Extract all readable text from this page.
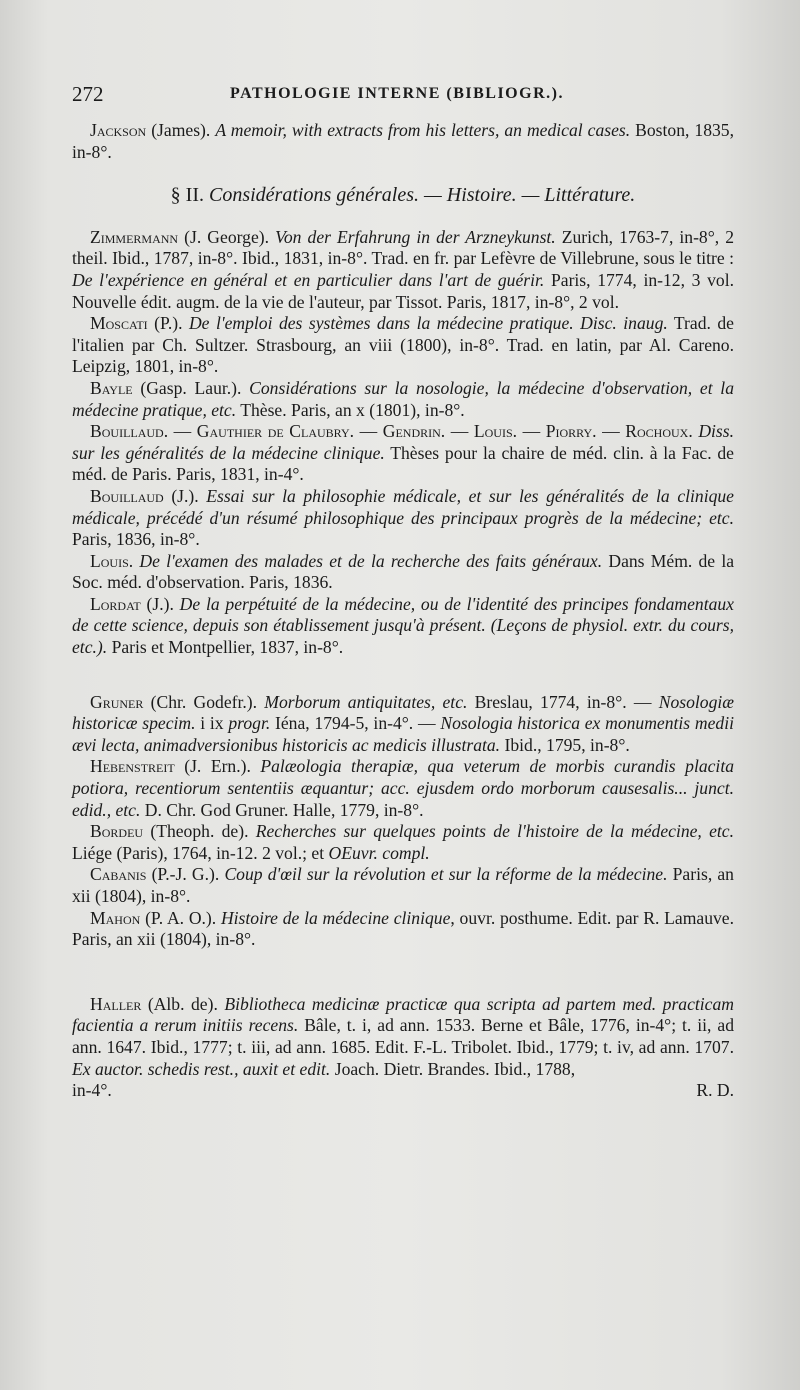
272	PATHOLOGIE INTERNE (BIBLIOGR.).

Jackson (James). A memoir, with extracts from his letters, an medical cases. Boston, 1835, in-8°.

§ II. Considérations générales. — Histoire. — Littérature.

Zimmermann (J. George). Von der Erfahrung in der Arzneykunst. Zurich, 1763-7, in-8°, 2 theil. Ibid., 1787, in-8°. Ibid., 1831, in-8°. Trad. en fr. par Lefèvre de Villebrune, sous le titre : De l'expérience en général et en particulier dans l'art de guérir. Paris, 1774, in-12, 3 vol. Nouvelle édit. augm. de la vie de l'auteur, par Tissot. Paris, 1817, in-8°, 2 vol.

Moscati (P.). De l'emploi des systèmes dans la médecine pratique. Disc. inaug. Trad. de l'italien par Ch. Sultzer. Strasbourg, an viii (1800), in-8°. Trad. en latin, par Al. Careno. Leipzig, 1801, in-8°.

Bayle (Gasp. Laur.). Considérations sur la nosologie, la médecine d'observation, et la médecine pratique, etc. Thèse. Paris, an x (1801), in-8°.

Bouillaud. — Gauthier de Claubry. — Gendrin. — Louis. — Piorry. — Rochoux. Diss. sur les généralités de la médecine clinique. Thèses pour la chaire de méd. clin. à la Fac. de méd. de Paris. Paris, 1831, in-4°.

Bouillaud (J.). Essai sur la philosophie médicale, et sur les généralités de la clinique médicale, précédé d'un résumé philosophique des principaux progrès de la médecine; etc. Paris, 1836, in-8°.

Louis. De l'examen des malades et de la recherche des faits généraux. Dans Mém. de la Soc. méd. d'observation. Paris, 1836.

Lordat (J.). De la perpétuité de la médecine, ou de l'identité des principes fondamentaux de cette science, depuis son établissement jusqu'à présent. (Leçons de physiol. extr. du cours, etc.). Paris et Montpellier, 1837, in-8°.

Gruner (Chr. Godefr.). Morborum antiquitates, etc. Breslau, 1774, in-8°. — Nosologiæ historicæ specim. i ix progr. Iéna, 1794-5, in-4°. — Nosologia historica ex monumentis medii ævi lecta, animadversionibus historicis ac medicis illustrata. Ibid., 1795, in-8°.

Hebenstreit (J. Ern.). Palæologia therapiæ, qua veterum de morbis curandis placita potiora, recentiorum sententiis æquantur; acc. ejusdem ordo morborum causesalis... junct. edid., etc. D. Chr. God Gruner. Halle, 1779, in-8°.

Bordeu (Theoph. de). Recherches sur quelques points de l'histoire de la médecine, etc. Liége (Paris), 1764, in-12. 2 vol.; et OEuvr. compl.

Cabanis (P.-J. G.). Coup d'œil sur la révolution et sur la réforme de la médecine. Paris, an xii (1804), in-8°.

Mahon (P. A. O.). Histoire de la médecine clinique, ouvr. posthume. Edit. par R. Lamauve. Paris, an xii (1804), in-8°.

Haller (Alb. de). Bibliotheca medicinæ practicæ qua scripta ad partem med. practicam facientia a rerum initiis recens. Bâle, t. i, ad ann. 1533. Berne et Bâle, 1776, in-4°; t. ii, ad ann. 1647. Ibid., 1777; t. iii, ad ann. 1685. Edit. F.-L. Tribolet. Ibid., 1779; t. iv, ad ann. 1707. Ex auctor. schedis rest., auxit et edit. Joach. Dietr. Brandes. Ibid., 1788,

in-4°.	R. D.
